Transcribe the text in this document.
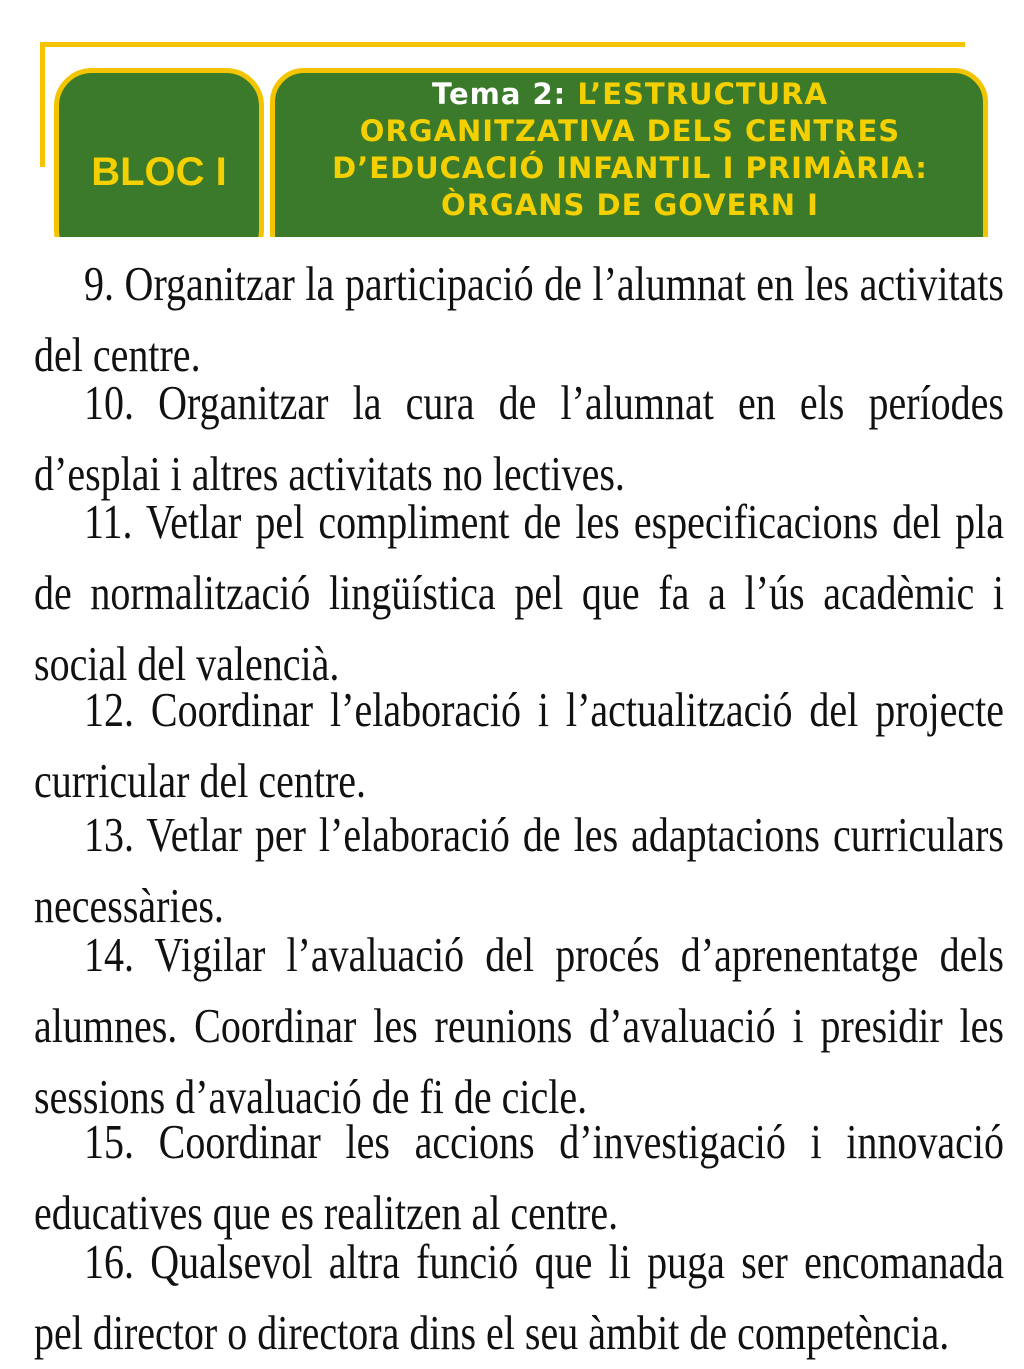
BLOC I
Tema 2: L’ESTRUCTURA ORGANITZATIVA DELS CENTRES D’EDUCACIÓ INFANTIL I PRIMÀRIA: ÒRGANS DE GOVERN I

9. Organitzar la participació de l’alumnat en les activitats del centre.

10. Organitzar la cura de l’alumnat en els períodes d’esplai i altres activitats no lectives.

11. Vetlar pel compliment de les especificacions del pla de normalització lingüística pel que fa a l’ús acadèmic i social del valencià.

12. Coordinar l’elaboració i l’actualització del projecte curricular del centre.

13. Vetlar per l’elaboració de les adaptacions curriculars necessàries.

14. Vigilar l’avaluació del procés d’aprenentatge dels alumnes. Coordinar les reunions d’avaluació i presidir les sessions d’avaluació de fi de cicle.

15. Coordinar les accions d’investigació i innovació educatives que es realitzen al centre.

16. Qualsevol altra funció que li puga ser encomanada pel director o directora dins el seu àmbit de competència.
